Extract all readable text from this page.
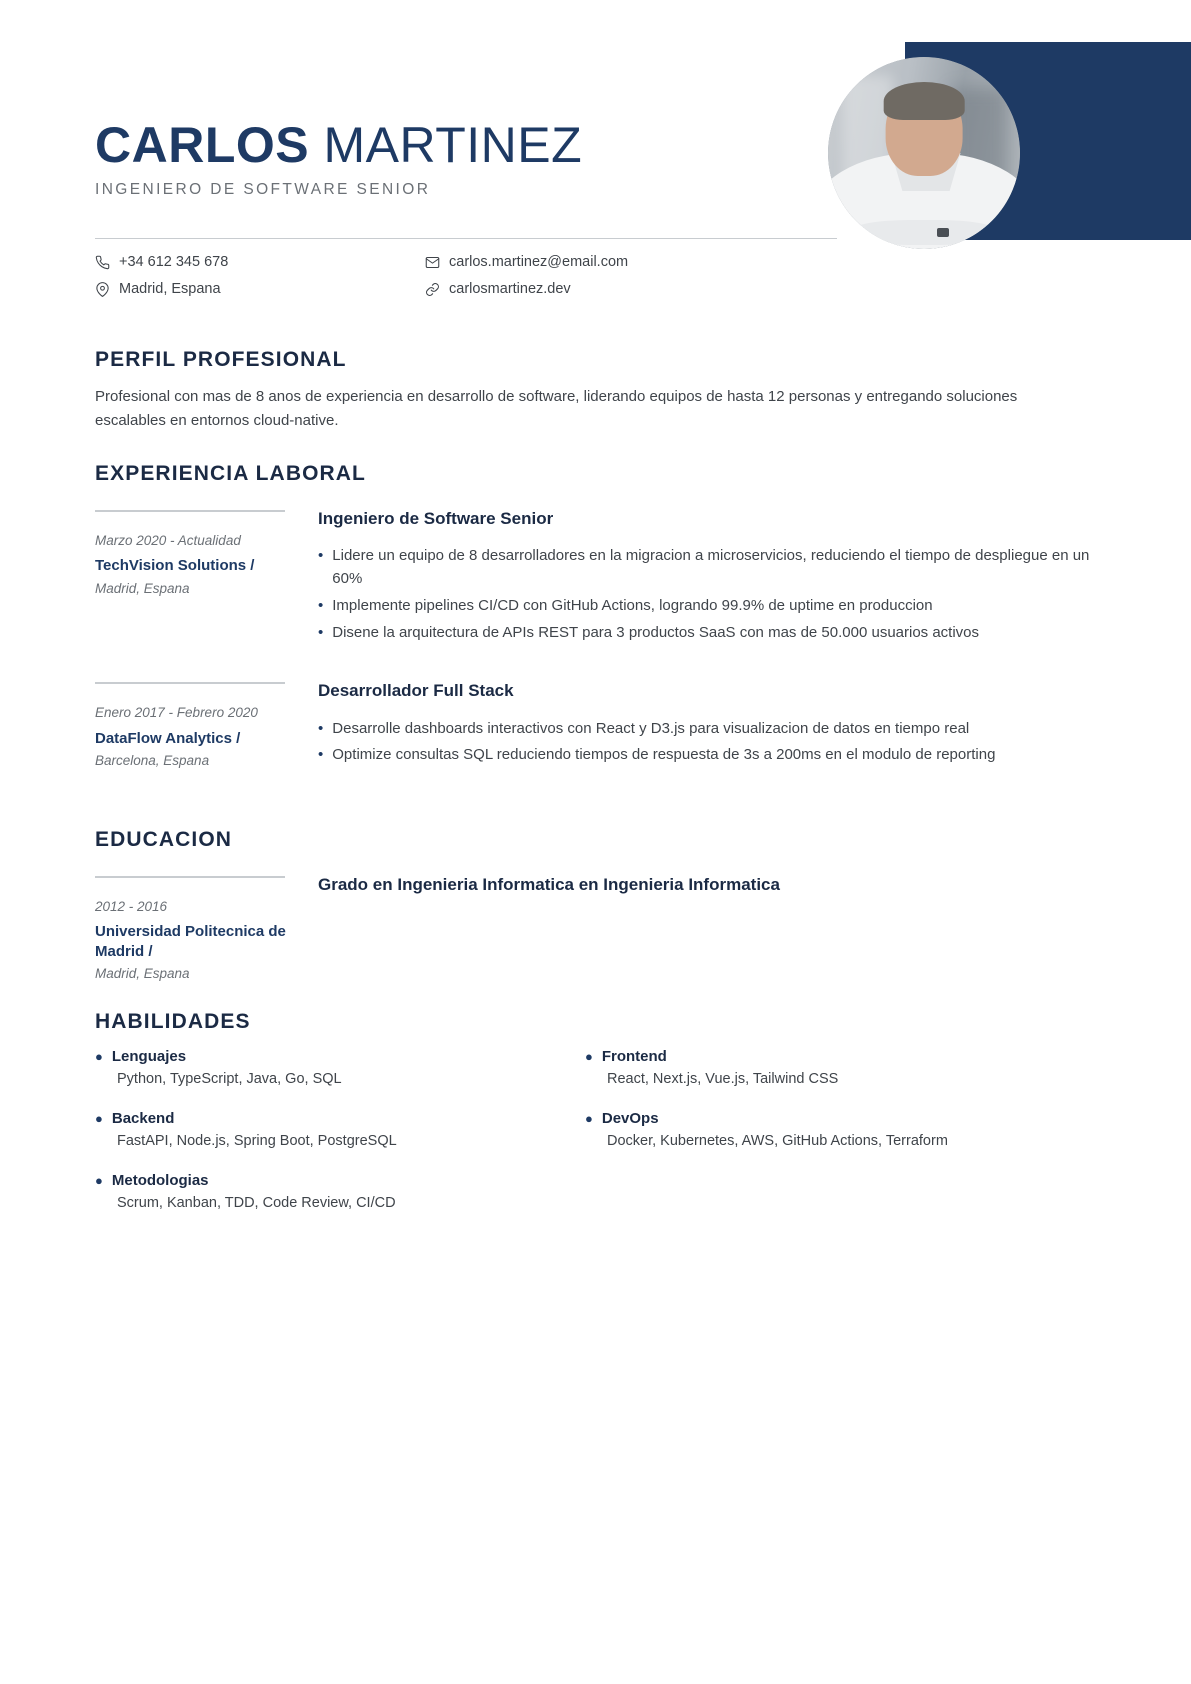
CARLOS MARTINEZ
INGENIERO DE SOFTWARE SENIOR
+34 612 345 678	carlos.martinez@email.com
Madrid, Espana	carlosmartinez.dev
PERFIL PROFESIONAL
Profesional con mas de 8 anos de experiencia en desarrollo de software, liderando equipos de hasta 12 personas y entregando soluciones escalables en entornos cloud-native.
EXPERIENCIA LABORAL
Marzo 2020 - Actualidad
TechVision Solutions /
Madrid, Espana
Ingeniero de Software Senior
• Lidere un equipo de 8 desarrolladores en la migracion a microservicios, reduciendo el tiempo de despliegue en un 60%
• Implemente pipelines CI/CD con GitHub Actions, logrando 99.9% de uptime en produccion
• Disene la arquitectura de APIs REST para 3 productos SaaS con mas de 50.000 usuarios activos
Enero 2017 - Febrero 2020
DataFlow Analytics /
Barcelona, Espana
Desarrollador Full Stack
• Desarrolle dashboards interactivos con React y D3.js para visualizacion de datos en tiempo real
• Optimize consultas SQL reduciendo tiempos de respuesta de 3s a 200ms en el modulo de reporting
EDUCACION
2012 - 2016
Universidad Politecnica de Madrid /
Madrid, Espana
Grado en Ingenieria Informatica en Ingenieria Informatica
HABILIDADES
● Lenguajes
Python, TypeScript, Java, Go, SQL
● Frontend
React, Next.js, Vue.js, Tailwind CSS
● Backend
FastAPI, Node.js, Spring Boot, PostgreSQL
● DevOps
Docker, Kubernetes, AWS, GitHub Actions, Terraform
● Metodologias
Scrum, Kanban, TDD, Code Review, CI/CD
